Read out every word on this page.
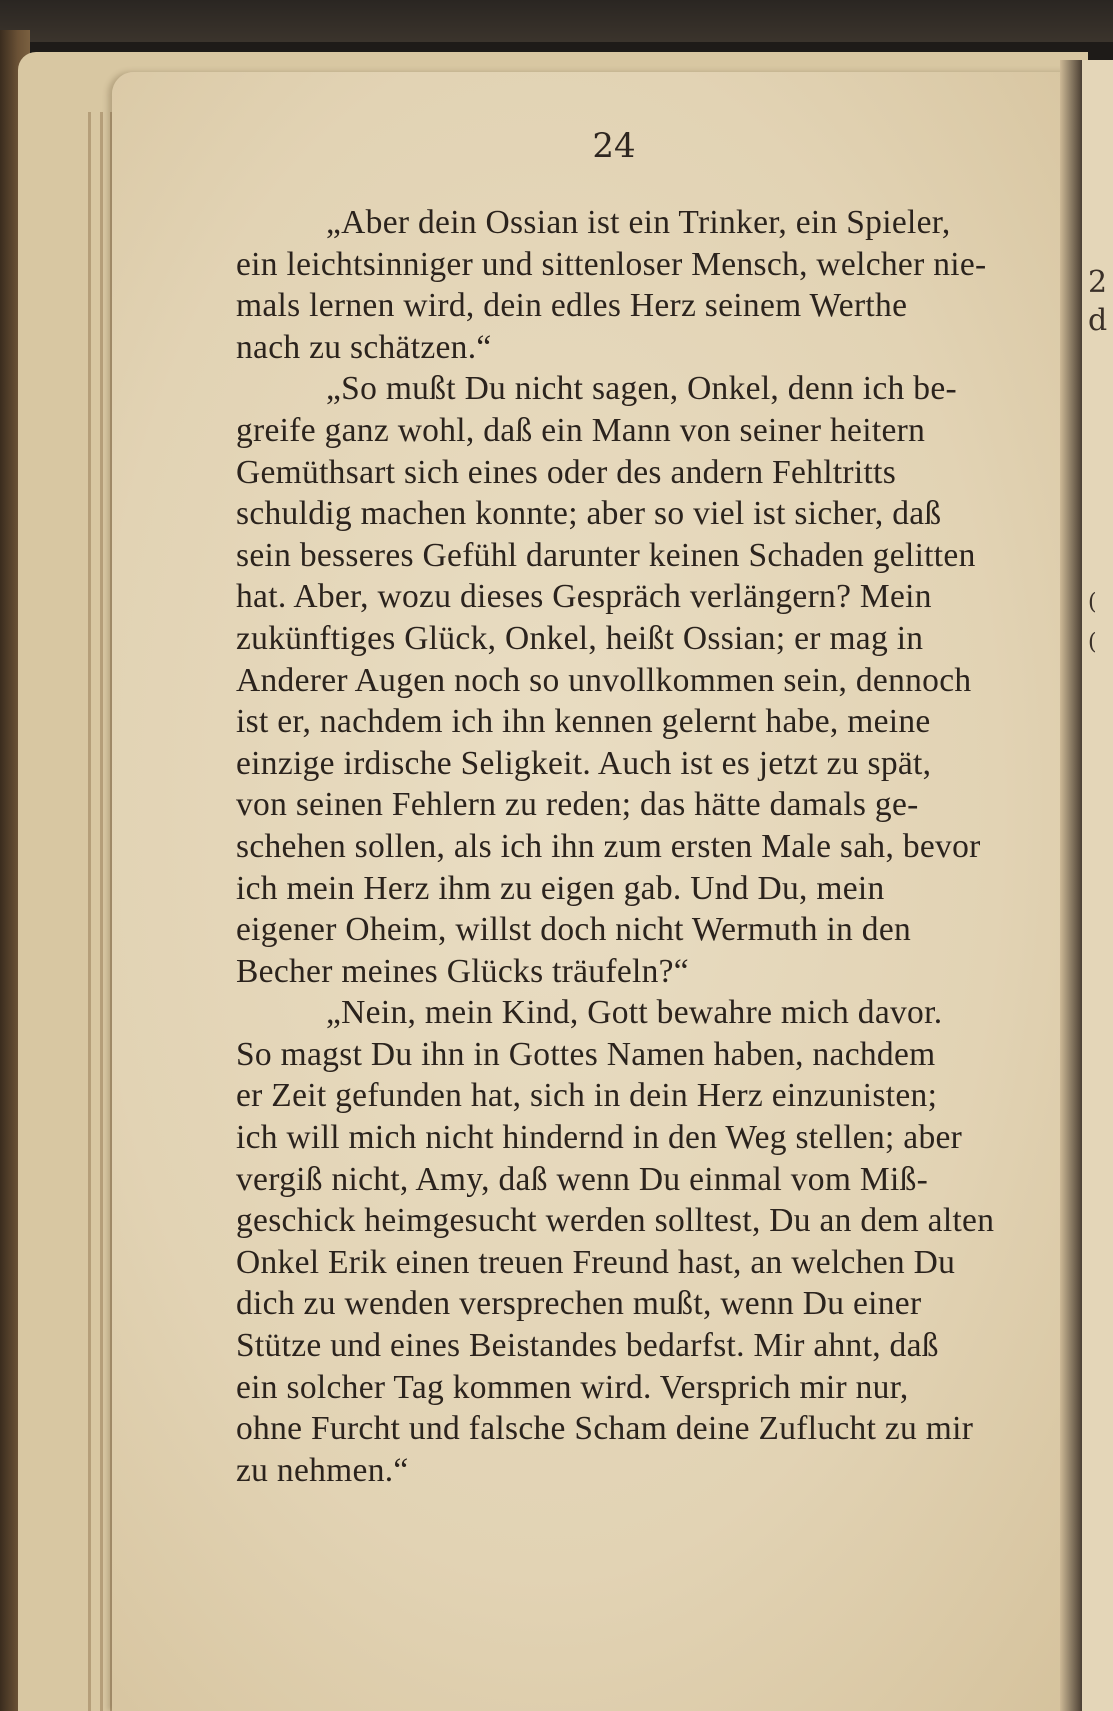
2
d
(
(
24

„Aber dein Ossian ist ein Trinker, ein Spieler,
ein leichtsinniger und sittenloser Mensch, welcher nie-
mals lernen wird, dein edles Herz seinem Werthe
nach zu schätzen.“

„So mußt Du nicht sagen, Onkel, denn ich be-
greife ganz wohl, daß ein Mann von seiner heitern
Gemüthsart sich eines oder des andern Fehltritts
schuldig machen konnte; aber so viel ist sicher, daß
sein besseres Gefühl darunter keinen Schaden gelitten
hat. Aber, wozu dieses Gespräch verlängern? Mein
zukünftiges Glück, Onkel, heißt Ossian; er mag in
Anderer Augen noch so unvollkommen sein, dennoch
ist er, nachdem ich ihn kennen gelernt habe, meine
einzige irdische Seligkeit. Auch ist es jetzt zu spät,
von seinen Fehlern zu reden; das hätte damals ge-
schehen sollen, als ich ihn zum ersten Male sah, bevor
ich mein Herz ihm zu eigen gab. Und Du, mein
eigener Oheim, willst doch nicht Wermuth in den
Becher meines Glücks träufeln?“

„Nein, mein Kind, Gott bewahre mich davor.
So magst Du ihn in Gottes Namen haben, nachdem
er Zeit gefunden hat, sich in dein Herz einzunisten;
ich will mich nicht hindernd in den Weg stellen; aber
vergiß nicht, Amy, daß wenn Du einmal vom Miß-
geschick heimgesucht werden solltest, Du an dem alten
Onkel Erik einen treuen Freund hast, an welchen Du
dich zu wenden versprechen mußt, wenn Du einer
Stütze und eines Beistandes bedarfst. Mir ahnt, daß
ein solcher Tag kommen wird. Versprich mir nur,
ohne Furcht und falsche Scham deine Zuflucht zu mir
zu nehmen.“
